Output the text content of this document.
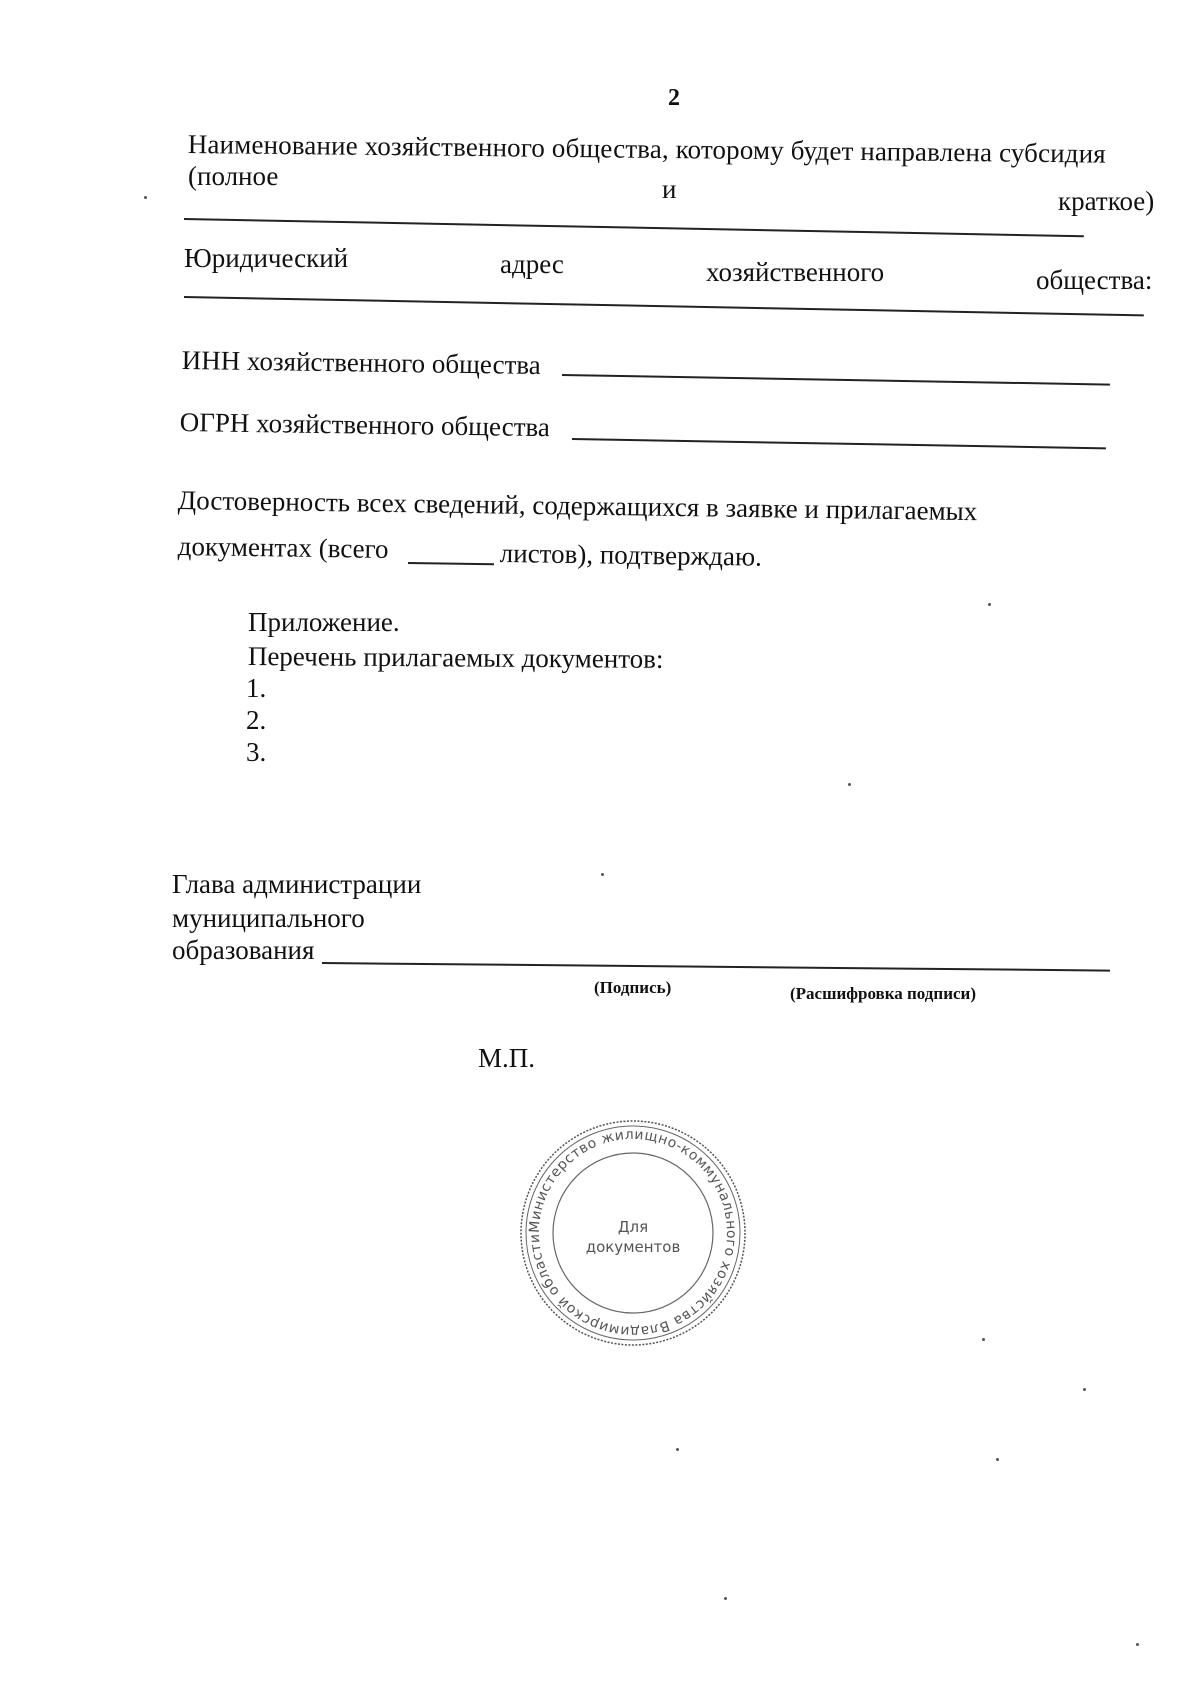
2
Наименование хозяйственного общества, которому будет направлена субсидия
(полное	и	краткое)
Юридический	адрес	хозяйственного	общества:
ИНН хозяйственного общества
ОГРН хозяйственного общества
Достоверность всех сведений, содержащихся в заявке и прилагаемых
документах (всего	листов), подтверждаю.
Приложение.
Перечень прилагаемых документов:
1.
2.
3.
Глава администрации
муниципального
образования
(Подпись)	(Расшифровка подписи)
М.П.
Министерство жилищно-коммунального хозяйства Владимирской области
Для
документов
